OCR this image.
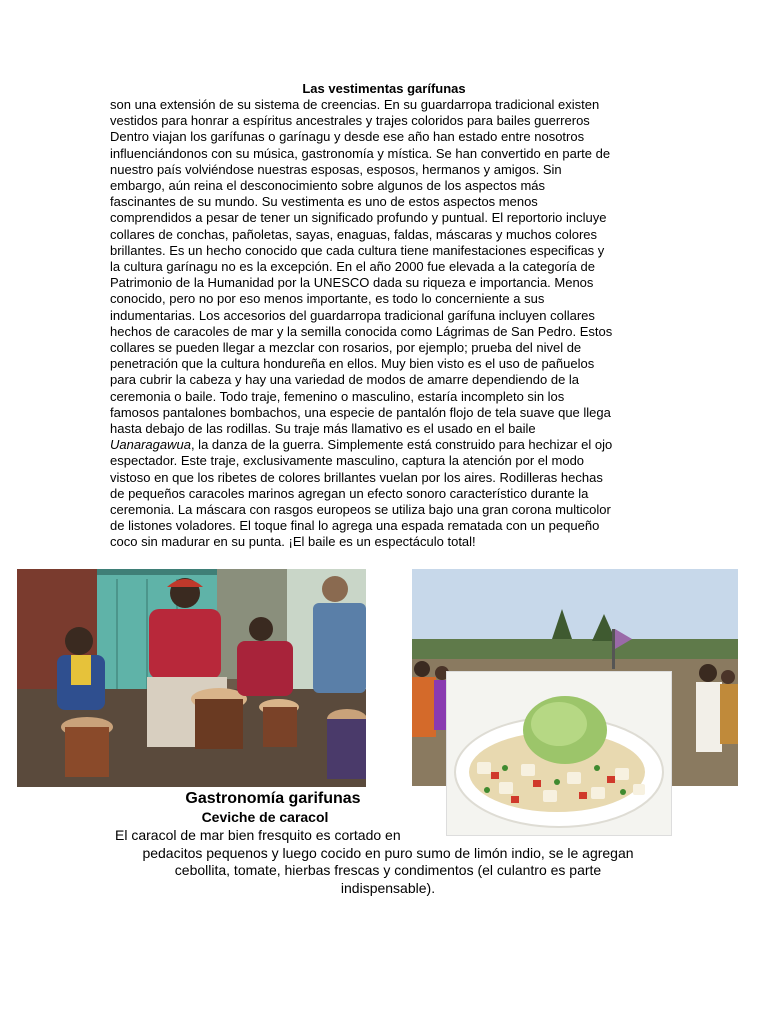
Las vestimentas garífunas
son una extensión de su sistema de creencias. En su guardarropa tradicional existen
vestidos para honrar a espíritus ancestrales y trajes coloridos para bailes guerreros
Dentro viajan los garífunas o garínagu y desde ese año han estado entre nosotros
influenciándonos con su música, gastronomía y mística. Se han convertido en parte de
nuestro país volviéndose nuestras esposas, esposos, hermanos y amigos. Sin
embargo, aún reina el desconocimiento sobre algunos de los aspectos más
fascinantes de su mundo. Su vestimenta es uno de estos aspectos menos
comprendidos a pesar de tener un significado profundo y puntual. El reportorio incluye
collares de conchas, pañoletas, sayas, enaguas, faldas, máscaras y muchos colores
brillantes. Es un hecho conocido que cada cultura tiene manifestaciones especificas y
la cultura garínagu no es la excepción. En el año 2000 fue elevada a la categoría de
Patrimonio de la Humanidad por la UNESCO dada su riqueza e importancia. Menos
conocido, pero no por eso menos importante, es todo lo concerniente a sus
indumentarias. Los accesorios del guardarropa tradicional garífuna incluyen collares
hechos de caracoles de mar y la semilla conocida como Lágrimas de San Pedro. Estos
collares se pueden llegar a mezclar con rosarios, por ejemplo; prueba del nivel de
penetración que la cultura hondureña en ellos. Muy bien visto es el uso de pañuelos
para cubrir la cabeza y hay una variedad de modos de amarre dependiendo de la
ceremonia o baile. Todo traje, femenino o masculino, estaría incompleto sin los
famosos pantalones bombachos, una especie de pantalón flojo de tela suave que llega
hasta debajo de las rodillas. Su traje más llamativo es el usado en el baile
Uanaragawua, la danza de la guerra. Simplemente está construido para hechizar el ojo
espectador. Este traje, exclusivamente masculino, captura la atención por el modo
vistoso en que los ribetes de colores brillantes vuelan por los aires. Rodilleras hechas
de pequeños caracoles marinos agregan un efecto sonoro característico durante la
ceremonia. La máscara con rasgos europeos se utiliza bajo una gran corona multicolor
de listones voladores. El toque final lo agrega una espada rematada con un pequeño
coco sin madurar en su punta. ¡El baile es un espectáculo total!
Gastronomía garifunas
Ceviche de caracol
El caracol de mar bien fresquito es cortado en
pedacitos pequenos y luego cocido en puro sumo de limón indio, se le agregan
cebollita, tomate, hierbas frescas y condimentos (el culantro es parte
indispensable).
